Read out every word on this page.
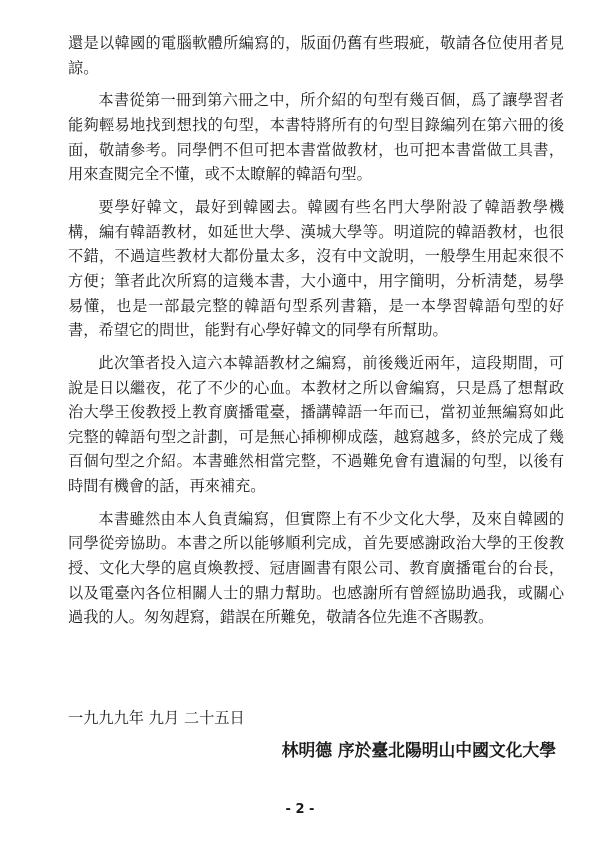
還是以韓國的電腦軟體所編寫的，版面仍舊有些瑕疵，敬請各位使用者見諒。

本書從第一冊到第六冊之中，所介紹的句型有幾百個，爲了讓學習者能夠輕易地找到想找的句型，本書特將所有的句型目錄編列在第六冊的後面，敬請參考。同學們不但可把本書當做教材，也可把本書當做工具書，用來查閱完全不懂，或不太瞭解的韓語句型。

要學好韓文，最好到韓國去。韓國有些名門大學附設了韓語教學機構，編有韓語教材，如延世大學、漢城大學等。明道院的韓語教材，也很不錯，不過這些教材大都份量太多，沒有中文說明，一般學生用起來很不方便；筆者此次所寫的這幾本書，大小適中，用字簡明，分析淸楚，易學易懂，也是一部最完整的韓語句型系列書籍，是一本學習韓語句型的好書，希望它的問世，能對有心學好韓文的同學有所幫助。

此次筆者投入這六本韓語教材之編寫，前後幾近兩年，這段期間，可說是日以繼夜，花了不少的心血。本教材之所以會編寫，只是爲了想幫政治大學王俊教授上教育廣播電臺，播講韓語一年而已，當初並無編寫如此完整的韓語句型之計劃，可是無心揷柳柳成蔭，越寫越多，終於完成了幾百個句型之介紹。本書雖然相當完整，不過難免會有遺漏的句型，以後有時間有機會的話，再來補充。

本書雖然由本人負責編寫，但實際上有不少文化大學，及來自韓國的同學從旁協助。本書之所以能够順利完成，首先要感謝政治大學的王俊教授、文化大學的扈貞煥教授、冠唐圖書有限公司、教育廣播電台的台長，以及電臺內各位相關人士的鼎力幫助。也感謝所有曾經協助過我，或關心過我的人。匆匆趕寫，錯誤在所難免，敬請各位先進不吝賜教。

一九九九年 九月 二十五日
林明德 序於臺北陽明山中國文化大學
- 2 -
